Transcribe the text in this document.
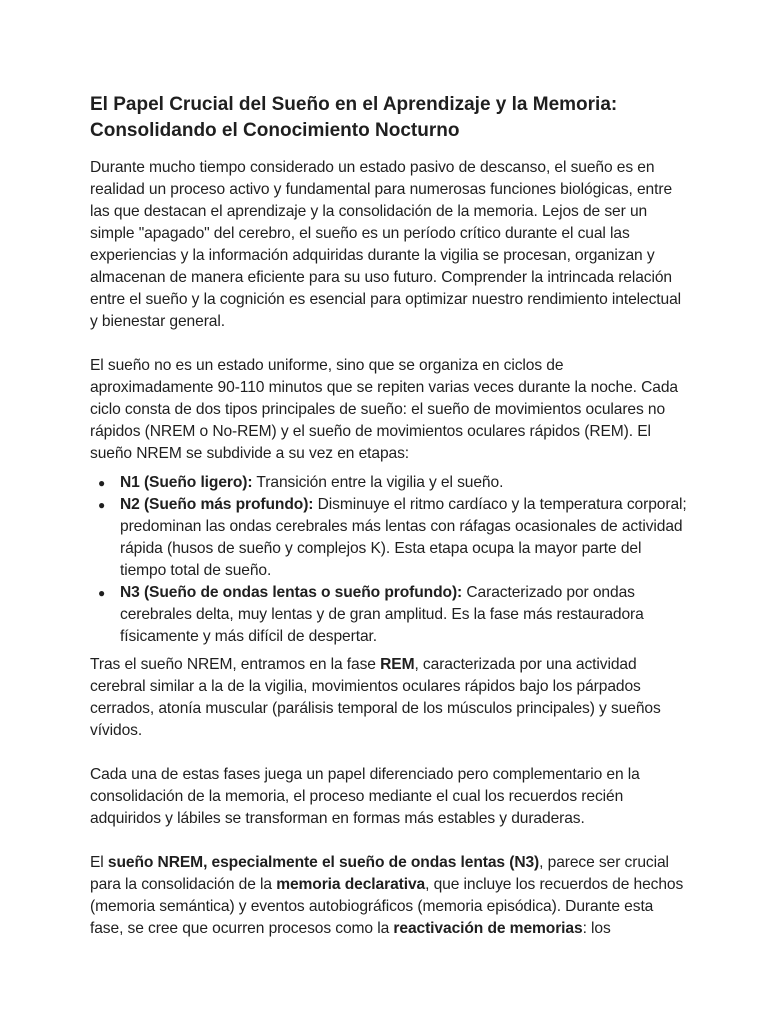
El Papel Crucial del Sueño en el Aprendizaje y la Memoria:
Consolidando el Conocimiento Nocturno

Durante mucho tiempo considerado un estado pasivo de descanso, el sueño es en realidad un proceso activo y fundamental para numerosas funciones biológicas, entre las que destacan el aprendizaje y la consolidación de la memoria. Lejos de ser un simple "apagado" del cerebro, el sueño es un período crítico durante el cual las experiencias y la información adquiridas durante la vigilia se procesan, organizan y almacenan de manera eficiente para su uso futuro. Comprender la intrincada relación entre el sueño y la cognición es esencial para optimizar nuestro rendimiento intelectual y bienestar general.

El sueño no es un estado uniforme, sino que se organiza en ciclos de aproximadamente 90-110 minutos que se repiten varias veces durante la noche. Cada ciclo consta de dos tipos principales de sueño: el sueño de movimientos oculares no rápidos (NREM o No-REM) y el sueño de movimientos oculares rápidos (REM). El sueño NREM se subdivide a su vez en etapas:

● N1 (Sueño ligero): Transición entre la vigilia y el sueño.
● N2 (Sueño más profundo): Disminuye el ritmo cardíaco y la temperatura corporal; predominan las ondas cerebrales más lentas con ráfagas ocasionales de actividad rápida (husos de sueño y complejos K). Esta etapa ocupa la mayor parte del tiempo total de sueño.
● N3 (Sueño de ondas lentas o sueño profundo): Caracterizado por ondas cerebrales delta, muy lentas y de gran amplitud. Es la fase más restauradora físicamente y más difícil de despertar.

Tras el sueño NREM, entramos en la fase REM, caracterizada por una actividad cerebral similar a la de la vigilia, movimientos oculares rápidos bajo los párpados cerrados, atonía muscular (parálisis temporal de los músculos principales) y sueños vívidos.

Cada una de estas fases juega un papel diferenciado pero complementario en la consolidación de la memoria, el proceso mediante el cual los recuerdos recién adquiridos y lábiles se transforman en formas más estables y duraderas.

El sueño NREM, especialmente el sueño de ondas lentas (N3), parece ser crucial para la consolidación de la memoria declarativa, que incluye los recuerdos de hechos (memoria semántica) y eventos autobiográficos (memoria episódica). Durante esta fase, se cree que ocurren procesos como la reactivación de memorias: los
